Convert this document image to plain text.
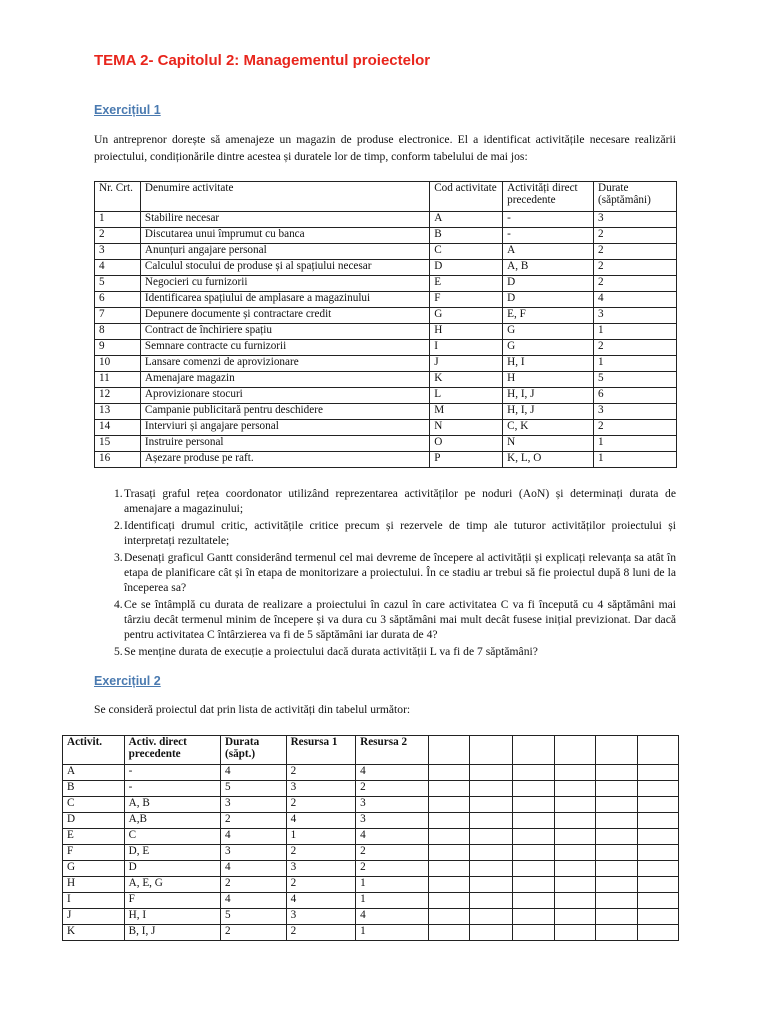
TEMA 2- Capitolul 2: Managementul proiectelor
Exercițiul 1
Un antreprenor dorește să amenajeze un magazin de produse electronice. El a identificat activitățile necesare realizării proiectului, condiționările dintre acestea și duratele lor de timp, conform tabelului de mai jos:
Nr. Crt.	Denumire activitate	Cod activitate	Activități direct precedente	Durate (săptămâni)
1	Stabilire necesar	A	-	3
2	Discutarea unui împrumut cu banca	B	-	2
3	Anunțuri angajare personal	C	A	2
4	Calculul stocului de produse și al spațiului necesar	D	A, B	2
5	Negocieri cu furnizorii	E	D	2
6	Identificarea spațiului de amplasare a magazinului	F	D	4
7	Depunere documente și contractare credit	G	E, F	3
8	Contract de închiriere spațiu	H	G	1
9	Semnare contracte cu furnizorii	I	G	2
10	Lansare comenzi de aprovizionare	J	H, I	1
11	Amenajare magazin	K	H	5
12	Aprovizionare stocuri	L	H, I, J	6
13	Campanie publicitară pentru deschidere	M	H, I, J	3
14	Interviuri și angajare personal	N	C, K	2
15	Instruire personal	O	N	1
16	Așezare produse pe raft.	P	K, L, O	1
1. Trasați graful rețea coordonator utilizând reprezentarea activităților pe noduri (AoN) și determinați durata de amenajare a magazinului;
2. Identificați drumul critic, activitățile critice precum și rezervele de timp ale tuturor activităților proiectului și interpretați rezultatele;
3. Desenați graficul Gantt considerând termenul cel mai devreme de începere al activității și explicați relevanța sa atât în etapa de planificare cât și în etapa de monitorizare a proiectului. În ce stadiu ar trebui să fie proiectul după 8 luni de la începerea sa?
4. Ce se întâmplă cu durata de realizare a proiectului în cazul în care activitatea C va fi începută cu 4 săptămâni mai târziu decât termenul minim de începere și va dura cu 3 săptămâni mai mult decât fusese inițial previzionat. Dar dacă pentru activitatea C întârzierea va fi de 5 săptămâni iar durata de 4?
5. Se menține durata de execuție a proiectului dacă durata activității L va fi de 7 săptămâni?
Exercițiul 2
Se consideră proiectul dat prin lista de activități din tabelul următor:
Activit.	Activ. direct precedente	Durata (săpt.)	Resursa 1	Resursa 2						
A	-	4	2	4						
B	-	5	3	2						
C	A, B	3	2	3						
D	A,B	2	4	3						
E	C	4	1	4						
F	D, E	3	2	2						
G	D	4	3	2						
H	A, E, G	2	2	1						
I	F	4	4	1						
J	H, I	5	3	4						
K	B, I, J	2	2	1						
